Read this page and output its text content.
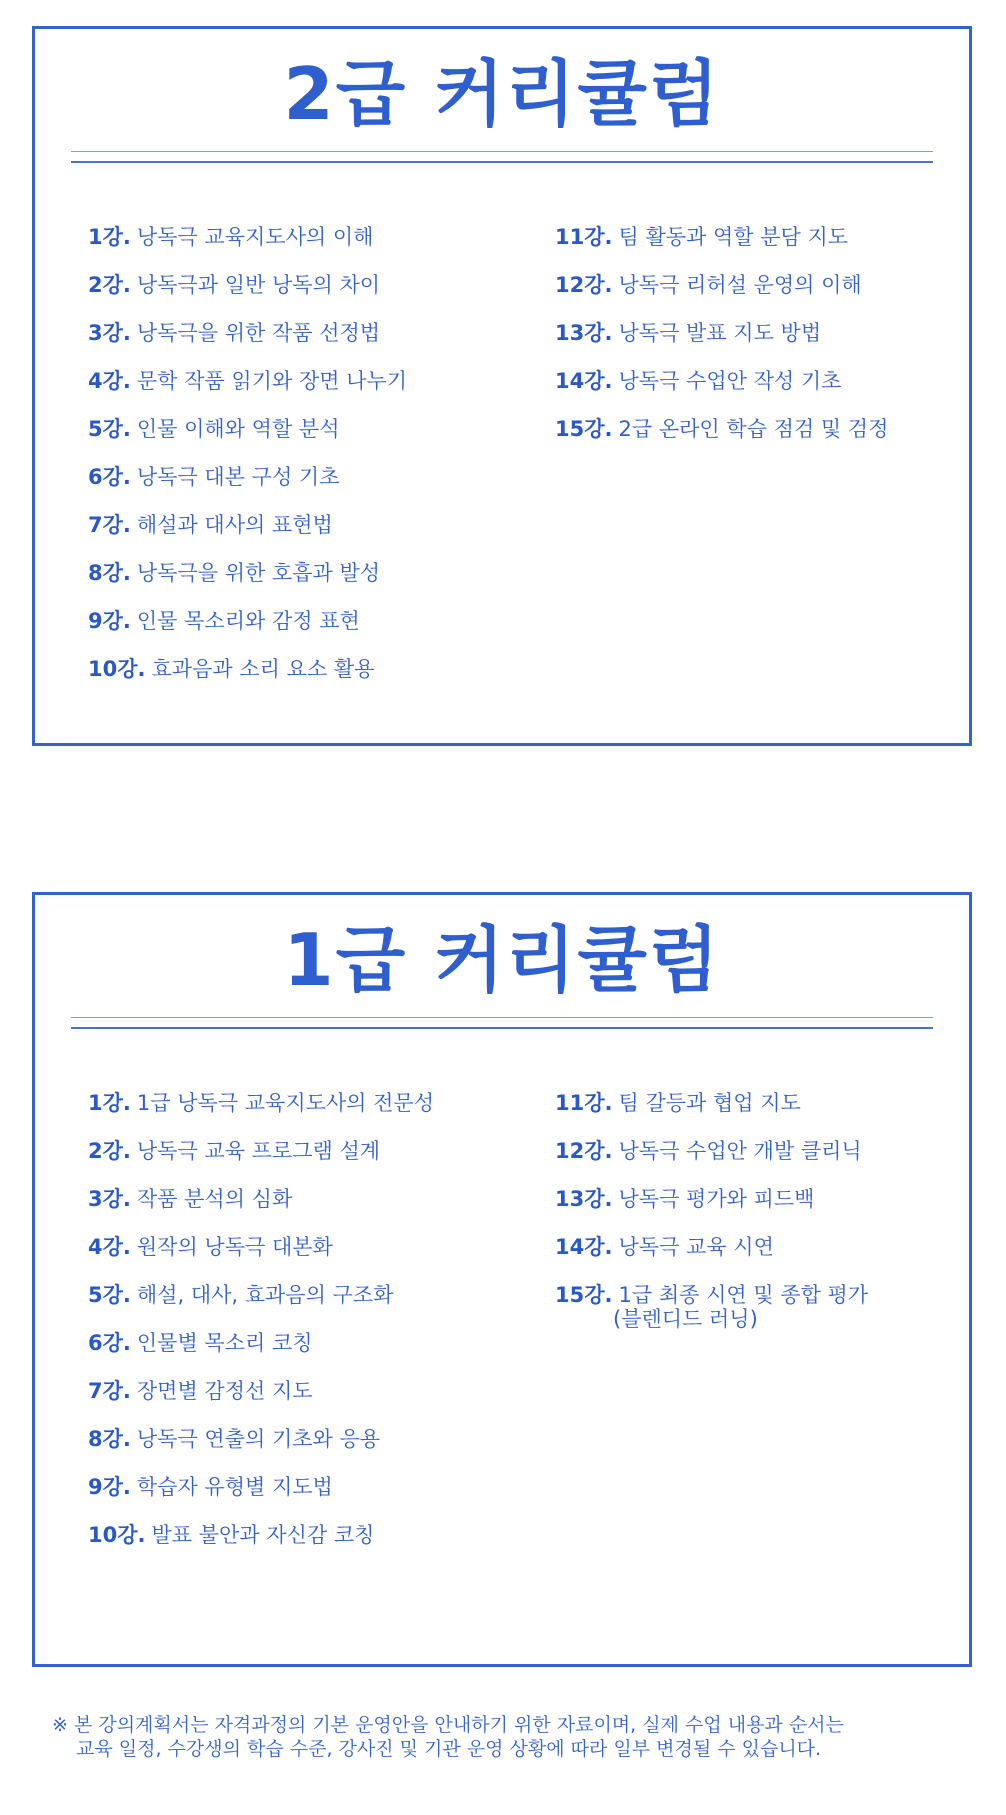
2급 커리큘럼
1강. 낭독극 교육지도사의 이해
2강. 낭독극과 일반 낭독의 차이
3강. 낭독극을 위한 작품 선정법
4강. 문학 작품 읽기와 장면 나누기
5강. 인물 이해와 역할 분석
6강. 낭독극 대본 구성 기초
7강. 해설과 대사의 표현법
8강. 낭독극을 위한 호흡과 발성
9강. 인물 목소리와 감정 표현
10강. 효과음과 소리 요소 활용
11강. 팀 활동과 역할 분담 지도
12강. 낭독극 리허설 운영의 이해
13강. 낭독극 발표 지도 방법
14강. 낭독극 수업안 작성 기초
15강. 2급 온라인 학습 점검 및 검정
1급 커리큘럼
1강. 1급 낭독극 교육지도사의 전문성
2강. 낭독극 교육 프로그램 설계
3강. 작품 분석의 심화
4강. 원작의 낭독극 대본화
5강. 해설, 대사, 효과음의 구조화
6강. 인물별 목소리 코칭
7강. 장면별 감정선 지도
8강. 낭독극 연출의 기초와 응용
9강. 학습자 유형별 지도법
10강. 발표 불안과 자신감 코칭
11강. 팀 갈등과 협업 지도
12강. 낭독극 수업안 개발 클리닉
13강. 낭독극 평가와 피드백
14강. 낭독극 교육 시연
15강. 1급 최종 시연 및 종합 평가
(블렌디드 러닝)
※ 본 강의계획서는 자격과정의 기본 운영안을 안내하기 위한 자료이며, 실제 수업 내용과 순서는
교육 일정, 수강생의 학습 수준, 강사진 및 기관 운영 상황에 따라 일부 변경될 수 있습니다.
